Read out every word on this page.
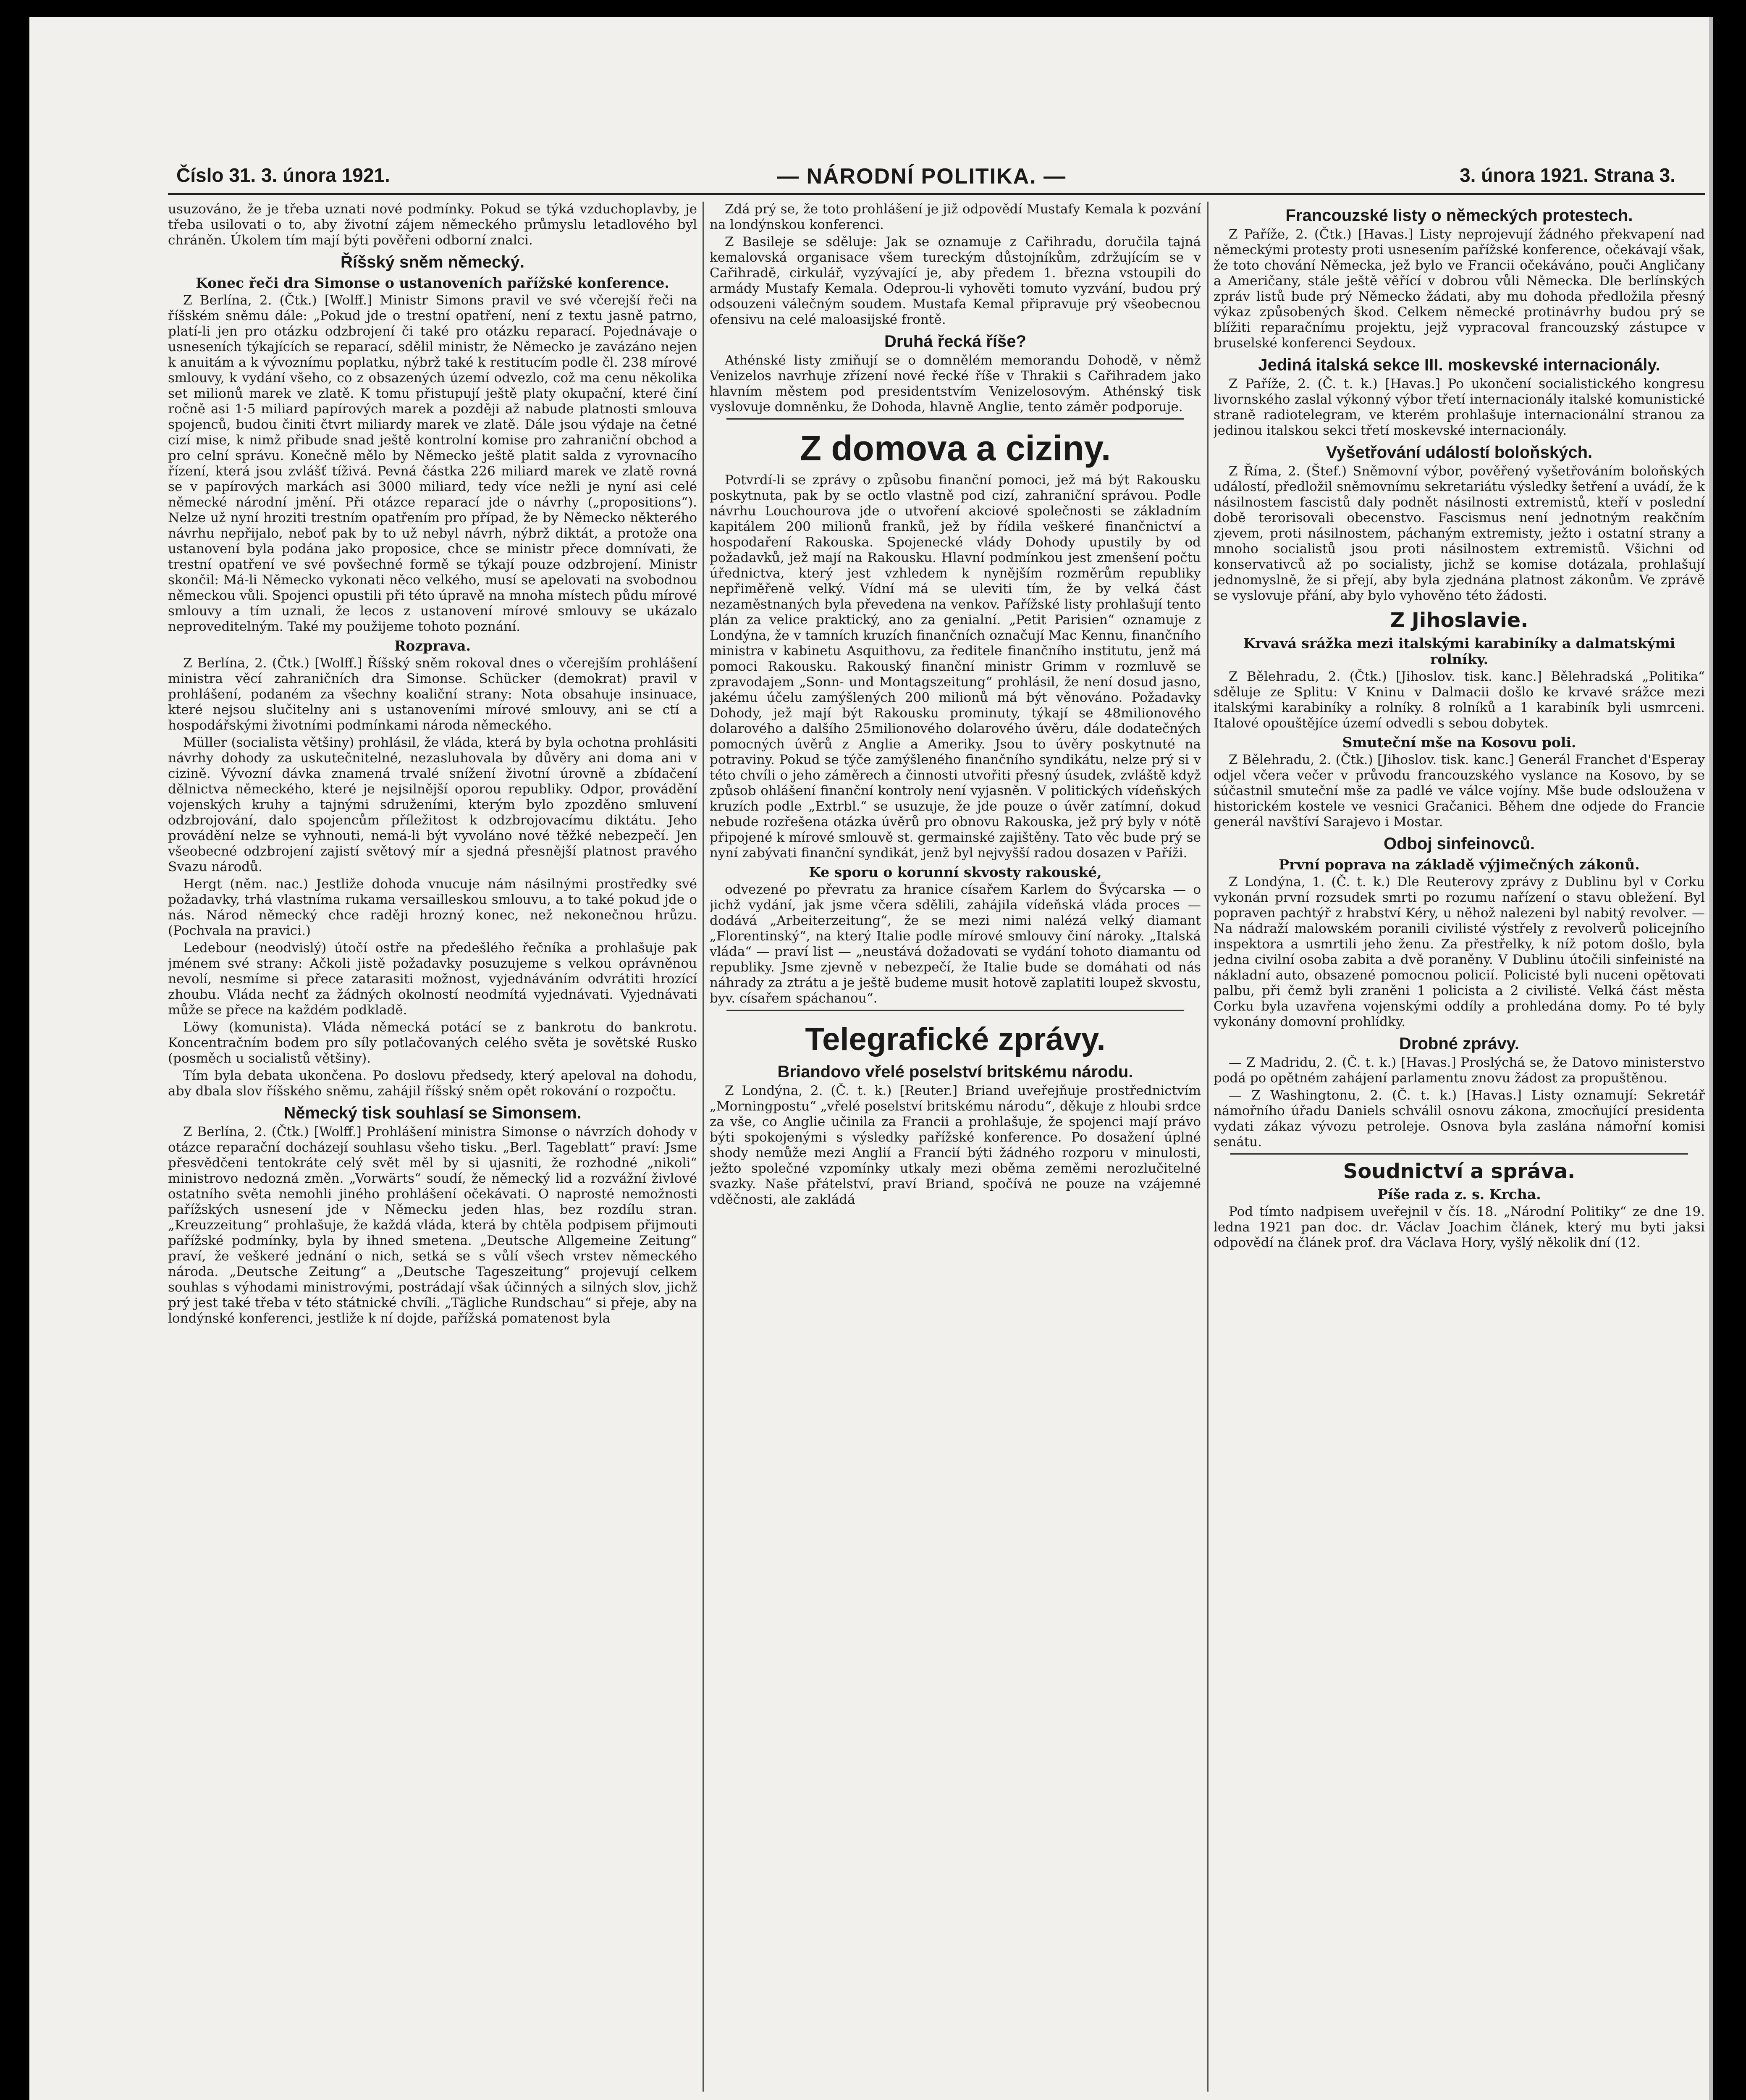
Číslo 31. 3. února 1921.	— NÁRODNÍ POLITIKA. —	3. února 1921. Strana 3.

usuzováno, že je třeba uznati nové podmínky. Pokud se týká vzduchoplavby, je třeba usilovati o to, aby životní zájem německého průmyslu letadlového byl chráněn. Úkolem tím mají býti pověřeni odborní znalci.

Říšský sněm německý.
Konec řeči dra Simonse o ustanoveních pařížské konference.

Z Berlína, 2. (Čtk.) [Wolff.] Ministr Simons pravil ve své včerejší řeči na říšském sněmu dále: „Pokud jde o trestní opatření, není z textu jasně patrno, platí-li jen pro otázku odzbrojení či také pro otázku reparací. Pojednávaje o usneseních týkajících se reparací, sdělil ministr, že Německo je zavázáno nejen k anuitám a k vývoznímu poplatku, nýbrž také k restitucím podle čl. 238 mírové smlouvy, k vydání všeho, co z obsazených území odvezlo, což ma cenu několika set milionů marek ve zlatě. K tomu přistupují ještě platy okupační, které činí ročně asi 1·5 miliard papírových marek a později až nabude platnosti smlouva spojenců, budou činiti čtvrt miliardy marek ve zlatě. Dále jsou výdaje na četné cizí mise, k nimž přibude snad ještě kontrolní komise pro zahraniční obchod a pro celní správu. Konečně mělo by Německo ještě platit salda z vyrovnacího řízení, která jsou zvlášť tíživá. Pevná částka 226 miliard marek ve zlatě rovná se v papírových markách asi 3000 miliard, tedy více nežli je nyní asi celé německé národní jmění. Při otázce reparací jde o návrhy („propositions“). Nelze už nyní hroziti trestním opatřením pro případ, že by Německo některého návrhu nepřijalo, neboť pak by to už nebyl návrh, nýbrž diktát, a protože ona ustanovení byla podána jako proposice, chce se ministr přece domnívati, že trestní opatření ve své povšechné formě se týkají pouze odzbrojení. Ministr skončil: Má-li Německo vykonati něco velkého, musí se apelovati na svobodnou německou vůli. Spojenci opustili při této úpravě na mnoha místech půdu mírové smlouvy a tím uznali, že lecos z ustanovení mírové smlouvy se ukázalo neproveditelným. Také my použijeme tohoto poznání.

Rozprava.

Z Berlína, 2. (Čtk.) [Wolff.] Říšský sněm rokoval dnes o včerejším prohlášení ministra věcí zahraničních dra Simonse. Schücker (demokrat) pravil v prohlášení, podaném za všechny koaliční strany: Nota obsahuje insinuace, které nejsou slučitelny ani s ustanoveními mírové smlouvy, ani se ctí a hospodářskými životními podmínkami národa německého.

Müller (socialista většiny) prohlásil, že vláda, která by byla ochotna prohlásiti návrhy dohody za uskutečnitelné, nezasluhovala by důvěry ani doma ani v cizině. Vývozní dávka znamená trvalé snížení životní úrovně a zbídačení dělnictva německého, které je nejsilnější oporou republiky. Odpor, provádění vojenských kruhy a tajnými sdruženími, kterým bylo zpozděno smluvení odzbrojování, dalo spojencům příležitost k odzbrojovacímu diktátu. Jeho provádění nelze se vyhnouti, nemá-li být vyvoláno nové těžké nebezpečí. Jen všeobecné odzbrojení zajistí světový mír a sjedná přesnější platnost pravého Svazu národů.

Hergt (něm. nac.) Jestliže dohoda vnucuje nám násilnými prostředky své požadavky, trhá vlastníma rukama versailleskou smlouvu, a to také pokud jde o nás. Národ německý chce raději hrozný konec, než nekonečnou hrůzu. (Pochvala na pravici.)

Ledebour (neodvislý) útočí ostře na předešlého řečníka a prohlašuje pak jménem své strany: Ačkoli jistě požadavky posuzujeme s velkou oprávněnou nevolí, nesmíme si přece zatarasiti možnost, vyjednáváním odvrátiti hrozící zhoubu. Vláda nechť za žádných okolností neodmítá vyjednávati. Vyjednávati může se přece na každém podkladě.

Löwy (komunista). Vláda německá potácí se z bankrotu do bankrotu. Koncentračním bodem pro síly potlačovaných celého světa je sovětské Rusko (posměch u socialistů většiny).

Tím byla debata ukončena. Po doslovu předsedy, který apeloval na dohodu, aby dbala slov říšského sněmu, zahájil říšský sněm opět rokování o rozpočtu.

Německý tisk souhlasí se Simonsem.

Z Berlína, 2. (Čtk.) [Wolff.] Prohlášení ministra Simonse o návrzích dohody v otázce reparační docházejí souhlasu všeho tisku. „Berl. Tageblatt“ praví: Jsme přesvědčeni tentokráte celý svět měl by si ujasniti, že rozhodné „nikoli“ ministrovo nedozná změn. „Vorwärts“ soudí, že německý lid a rozvážní živlové ostatního světa nemohli jiného prohlášení očekávati. O naprosté nemožnosti pařížských usnesení jde v Německu jeden hlas, bez rozdílu stran. „Kreuzzeitung“ prohlašuje, že každá vláda, která by chtěla podpisem přijmouti pařížské podmínky, byla by ihned smetena. „Deutsche Allgemeine Zeitung“ praví, že veškeré jednání o nich, setká se s vůlí všech vrstev německého národa. „Deutsche Zeitung“ a „Deutsche Tageszeitung“ projevují celkem souhlas s výhodami ministrovými, postrádají však účinných a silných slov, jichž prý jest také třeba v této státnické chvíli. „Tägliche Rundschau“ si přeje, aby na londýnské konferenci, jestliže k ní dojde, pařížská pomatenost byla

Zdá prý se, že toto prohlášení je již odpovědí Mustafy Kemala k pozvání na londýnskou konferenci.

Z Basileje se sděluje: Jak se oznamuje z Cařihradu, doručila tajná kemalovská organisace všem tureckým důstojníkům, zdržujícím se v Cařihradě, cirkulář, vyzývající je, aby předem 1. března vstoupili do armády Mustafy Kemala. Odeprou-li vyhověti tomuto vyzvání, budou prý odsouzeni válečným soudem. Mustafa Kemal připravuje prý všeobecnou ofensivu na celé maloasijské frontě.

Druhá řecká říše?

Athénské listy zmiňují se o domnělém memorandu Dohodě, v němž Venizelos navrhuje zřízení nové řecké říše v Thrakii s Cařihradem jako hlavním městem pod presidentstvím Venizelosovým. Athénský tisk vyslovuje domněnku, že Dohoda, hlavně Anglie, tento záměr podporuje.

Z domova a ciziny.

Potvrdí-li se zprávy o způsobu finanční pomoci, jež má být Rakousku poskytnuta, pak by se octlo vlastně pod cizí, zahraniční správou. Podle návrhu Louchourova jde o utvoření akciové společnosti se základním kapitálem 200 milionů franků, jež by řídila veškeré finančnictví a hospodaření Rakouska. Spojenecké vlády Dohody upustily by od požadavků, jež mají na Rakousku. Hlavní podmínkou jest zmenšení počtu úřednictva, který jest vzhledem k nynějším rozměrům republiky nepřiměřeně velký. Vídní má se uleviti tím, že by velká část nezaměstnaných byla převedena na venkov. Pařížské listy prohlašují tento plán za velice praktický, ano za genialní. „Petit Parisien“ oznamuje z Londýna, že v tamních kruzích finančních označují Mac Kennu, finančního ministra v kabinetu Asquithovu, za ředitele finančního institutu, jenž má pomoci Rakousku. Rakouský finanční ministr Grimm v rozmluvě se zpravodajem „Sonn- und Montagszeitung“ prohlásil, že není dosud jasno, jakému účelu zamýšlených 200 milionů má být věnováno. Požadavky Dohody, jež mají být Rakousku prominuty, týkají se 48milionového dolarového a dalšího 25milionového dolarového úvěru, dále dodatečných pomocných úvěrů z Anglie a Ameriky. Jsou to úvěry poskytnuté na potraviny. Pokud se týče zamýšleného finančního syndikátu, nelze prý si v této chvíli o jeho záměrech a činnosti utvořiti přesný úsudek, zvláště když způsob ohlášení finanční kontroly není vyjasněn. V politických vídeňských kruzích podle „Extrbl.“ se usuzuje, že jde pouze o úvěr zatímní, dokud nebude rozřešena otázka úvěrů pro obnovu Rakouska, jež prý byly v nótě připojené k mírové smlouvě st. germainské zajištěny. Tato věc bude prý se nyní zabývati finanční syndikát, jenž byl nejvyšší radou dosazen v Paříži.

Ke sporu o korunní skvosty rakouské,

odvezené po převratu za hranice císařem Karlem do Švýcarska — o jichž vydání, jak jsme včera sdělili, zahájila vídeňská vláda proces — dodává „Arbeiterzeitung“, že se mezi nimi nalézá velký diamant „Florentinský“, na který Italie podle mírové smlouvy činí nároky. „Italská vláda“ — praví list — „neustává dožadovati se vydání tohoto diamantu od republiky. Jsme zjevně v nebezpečí, že Italie bude se domáhati od nás náhrady za ztrátu a je ještě budeme musit hotově zaplatiti loupež skvostu, byv. císařem spáchanou“.

Telegrafické zprávy.
Briandovo vřelé poselství britskému národu.

Z Londýna, 2. (Č. t. k.) [Reuter.] Briand uveřejňuje prostřednictvím „Morningpostu“ „vřelé poselství britskému národu“, děkuje z hloubi srdce za vše, co Anglie učinila za Francii a prohlašuje, že spojenci mají právo býti spokojenými s výsledky pařížské konference. Po dosažení úplné shody nemůže mezi Anglií a Francií býti žádného rozporu v minulosti, ježto společné vzpomínky utkaly mezi oběma zeměmi nerozlučitelné svazky. Naše přátelství, praví Briand, spočívá ne pouze na vzájemné vděčnosti, ale zakládá

Francouzské listy o německých protestech.

Z Paříže, 2. (Čtk.) [Havas.] Listy neprojevují žádného překvapení nad německými protesty proti usnesením pařížské konference, očekávají však, že toto chování Německa, jež bylo ve Francii očekáváno, pouči Angličany a Američany, stále ještě věřící v dobrou vůli Německa. Dle berlínských zpráv listů bude prý Německo žádati, aby mu dohoda předložila přesný výkaz způsobených škod. Celkem německé protinávrhy budou prý se blížiti reparačnímu projektu, jejž vypracoval francouzský zástupce v bruselské konferenci Seydoux.

Jediná italská sekce III. moskevské internacionály.

Z Paříže, 2. (Č. t. k.) [Havas.] Po ukončení socialistického kongresu livornského zaslal výkonný výbor třetí internacionály italské komunistické straně radiotelegram, ve kterém prohlašuje internacionální stranou za jedinou italskou sekci třetí moskevské internacionály.

Vyšetřování událostí boloňských.

Z Říma, 2. (Štef.) Sněmovní výbor, pověřený vyšetřováním boloňských událostí, předložil sněmovnímu sekretariátu výsledky šetření a uvádí, že k násilnostem fascistů daly podnět násilnosti extremistů, kteří v poslední době terorisovali obecenstvo. Fascismus není jednotným reakčním zjevem, proti násilnostem, páchaným extremisty, ježto i ostatní strany a mnoho socialistů jsou proti násilnostem extremistů. Všichni od konservativců až po socialisty, jichž se komise dotázala, prohlašují jednomyslně, že si přejí, aby byla zjednána platnost zákonům. Ve zprávě se vyslovuje přání, aby bylo vyhověno této žádosti.

Z Jihoslavie.
Krvavá srážka mezi italskými karabiníky a dalmatskými rolníky.

Z Bělehradu, 2. (Čtk.) [Jihoslov. tisk. kanc.] Bělehradská „Politika“ sděluje ze Splitu: V Kninu v Dalmacii došlo ke krvavé srážce mezi italskými karabiníky a rolníky. 8 rolníků a 1 karabiník byli usmrceni. Italové opouštějíce území odvedli s sebou dobytek.

Smuteční mše na Kosovu poli.

Z Bělehradu, 2. (Čtk.) [Jihoslov. tisk. kanc.] Generál Franchet d'Esperay odjel včera večer v průvodu francouzského vyslance na Kosovo, by se súčastnil smuteční mše za padlé ve válce vojíny. Mše bude odsloužena v historickém kostele ve vesnici Gračanici. Během dne odjede do Francie generál navštíví Sarajevo i Mostar.

Odboj sinfeinovců.
První poprava na základě výjimečných zákonů.

Z Londýna, 1. (Č. t. k.) Dle Reuterovy zprávy z Dublinu byl v Corku vykonán první rozsudek smrti po rozumu nařízení o stavu obležení. Byl popraven pachtýř z hrabství Kéry, u něhož nalezeni byl nabitý revolver. — Na nádraží malowském poranili civilisté výstřely z revolverů policejního inspektora a usmrtili jeho ženu. Za přestřelky, k níž potom došlo, byla jedna civilní osoba zabita a dvě poraněny. V Dublinu útočili sinfeinisté na nákladní auto, obsazené pomocnou policií. Policisté byli nuceni opětovati palbu, při čemž byli zraněni 1 policista a 2 civilisté. Velká část města Corku byla uzavřena vojenskými oddíly a prohledána domy. Po té byly vykonány domovní prohlídky.

Drobné zprávy.

— Z Madridu, 2. (Č. t. k.) [Havas.] Proslýchá se, že Datovo ministerstvo podá po opětném zahájení parlamentu znovu žádost za propuštěnou.

— Z Washingtonu, 2. (Č. t. k.) [Havas.] Listy oznamují: Sekretář námořního úřadu Daniels schválil osnovu zákona, zmocňující presidenta vydati zákaz vývozu petroleje. Osnova byla zaslána námořní komisi senátu.

Soudnictví a správa.
Píše rada z. s. Krcha.

Pod tímto nadpisem uveřejnil v čís. 18. „Národní Politiky“ ze dne 19. ledna 1921 pan doc. dr. Václav Joachim článek, který mu byti jaksi odpovědí na článek prof. dra Václava Hory, vyšlý několik dní (12.
